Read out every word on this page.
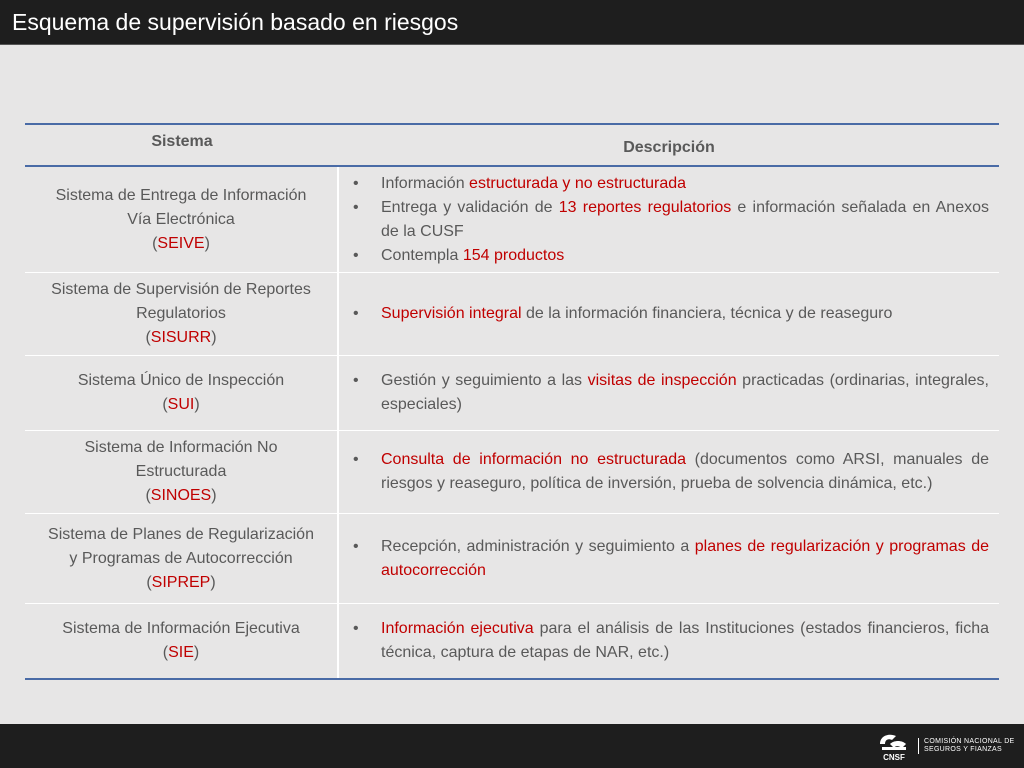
Esquema de supervisión basado en riesgos
Sistema	Descripción
Sistema de Entrega de Información
Vía Electrónica
(SEIVE)
•	Información estructurada y no estructurada
•	Entrega y validación de 13 reportes regulatorios e información señalada en Anexos de la CUSF
•	Contempla 154 productos
Sistema de Supervisión de Reportes
Regulatorios
(SISURR)
•	Supervisión integral de la información financiera, técnica y de reaseguro
Sistema Único de Inspección
(SUI)
•	Gestión y seguimiento a las visitas de inspección practicadas (ordinarias, integrales, especiales)
Sistema de Información No
Estructurada
(SINOES)
•	Consulta de información no estructurada (documentos como ARSI, manuales de riesgos y reaseguro, política de inversión, prueba de solvencia dinámica, etc.)
Sistema de Planes de Regularización
y Programas de Autocorrección
(SIPREP)
•	Recepción, administración y seguimiento a planes de regularización y programas de autocorrección
Sistema de Información Ejecutiva
(SIE)
•	Información ejecutiva para el análisis de las Instituciones (estados financieros, ficha técnica, captura de etapas de NAR, etc.)
CNSF
COMISIÓN NACIONAL DE
SEGUROS Y FIANZAS
